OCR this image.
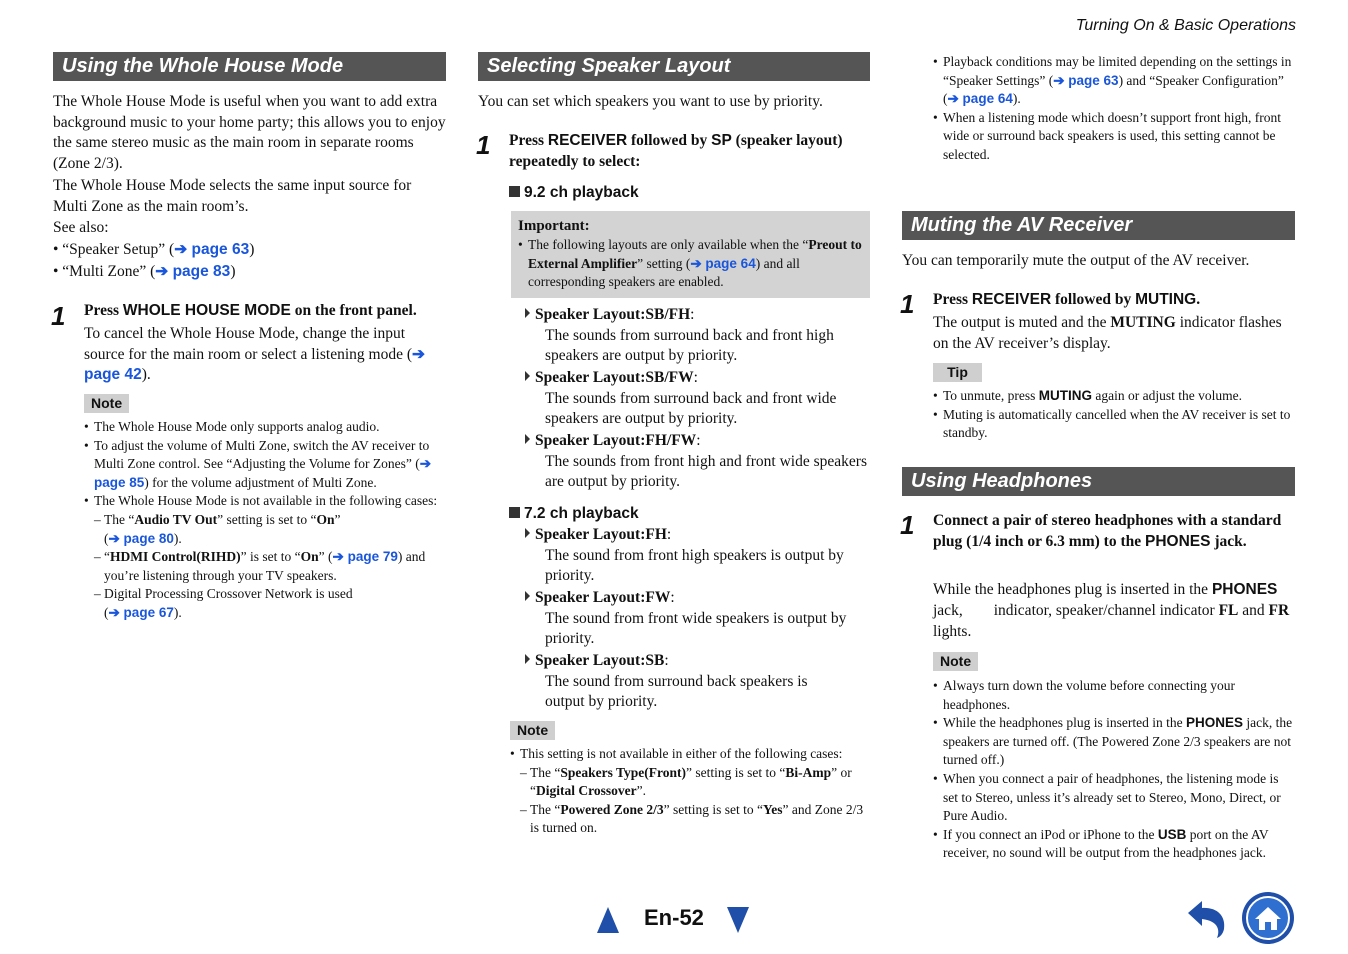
Turning On & Basic Operations
Using the Whole House Mode
The Whole House Mode is useful when you want to add extra background music to your home party; this allows you to enjoy the same stereo music as the main room in separate rooms (Zone 2/3).
The Whole House Mode selects the same input source for Multi Zone as the main room’s.
See also:
• “Speaker Setup” (➔ page 63)
• “Multi Zone” (➔ page 83)
1 Press WHOLE HOUSE MODE on the front panel.
To cancel the Whole House Mode, change the input source for the main room or select a listening mode (➔ page 42).
Note
• The Whole House Mode only supports analog audio.
• To adjust the volume of Multi Zone, switch the AV receiver to Multi Zone control. See “Adjusting the Volume for Zones” (➔ page 85) for the volume adjustment of Multi Zone.
• The Whole House Mode is not available in the following cases:
– The “Audio TV Out” setting is set to “On”
(➔ page 80).
– “HDMI Control(RIHD)” is set to “On” (➔ page 79) and you’re listening through your TV speakers.
– Digital Processing Crossover Network is used
(➔ page 67).
Selecting Speaker Layout
You can set which speakers you want to use by priority.
1 Press RECEIVER followed by SP (speaker layout) repeatedly to select:
9.2 ch playback
Important:
• The following layouts are only available when the “Preout to External Amplifier” setting (➔ page 64) and all corresponding speakers are enabled.
Speaker Layout:SB/FH:
The sounds from surround back and front high speakers are output by priority.
Speaker Layout:SB/FW:
The sounds from surround back and front wide speakers are output by priority.
Speaker Layout:FH/FW:
The sounds from front high and front wide speakers are output by priority.
7.2 ch playback
Speaker Layout:FH:
The sound from front high speakers is output by priority.
Speaker Layout:FW:
The sound from front wide speakers is output by priority.
Speaker Layout:SB:
The sound from surround back speakers is output by priority.
Note
• This setting is not available in either of the following cases:
– The “Speakers Type(Front)” setting is set to “Bi-Amp” or “Digital Crossover”.
– The “Powered Zone 2/3” setting is set to “Yes” and Zone 2/3 is turned on.
• Playback conditions may be limited depending on the settings in “Speaker Settings” (➔ page 63) and “Speaker Configuration” (➔ page 64).
• When a listening mode which doesn’t support front high, front wide or surround back speakers is used, this setting cannot be selected.
Muting the AV Receiver
You can temporarily mute the output of the AV receiver.
1 Press RECEIVER followed by MUTING.
The output is muted and the MUTING indicator flashes on the AV receiver’s display.
Tip
• To unmute, press MUTING again or adjust the volume.
• Muting is automatically cancelled when the AV receiver is set to standby.
Using Headphones
1 Connect a pair of stereo headphones with a standard plug (1/4 inch or 6.3 mm) to the PHONES jack.
While the headphones plug is inserted in the PHONES jack,        indicator, speaker/channel indicator FL and FR lights.
Note
• Always turn down the volume before connecting your headphones.
• While the headphones plug is inserted in the PHONES jack, the speakers are turned off. (The Powered Zone 2/3 speakers are not turned off.)
• When you connect a pair of headphones, the listening mode is set to Stereo, unless it’s already set to Stereo, Mono, Direct, or Pure Audio.
• If you connect an iPod or iPhone to the USB port on the AV receiver, no sound will be output from the headphones jack.
En-52
